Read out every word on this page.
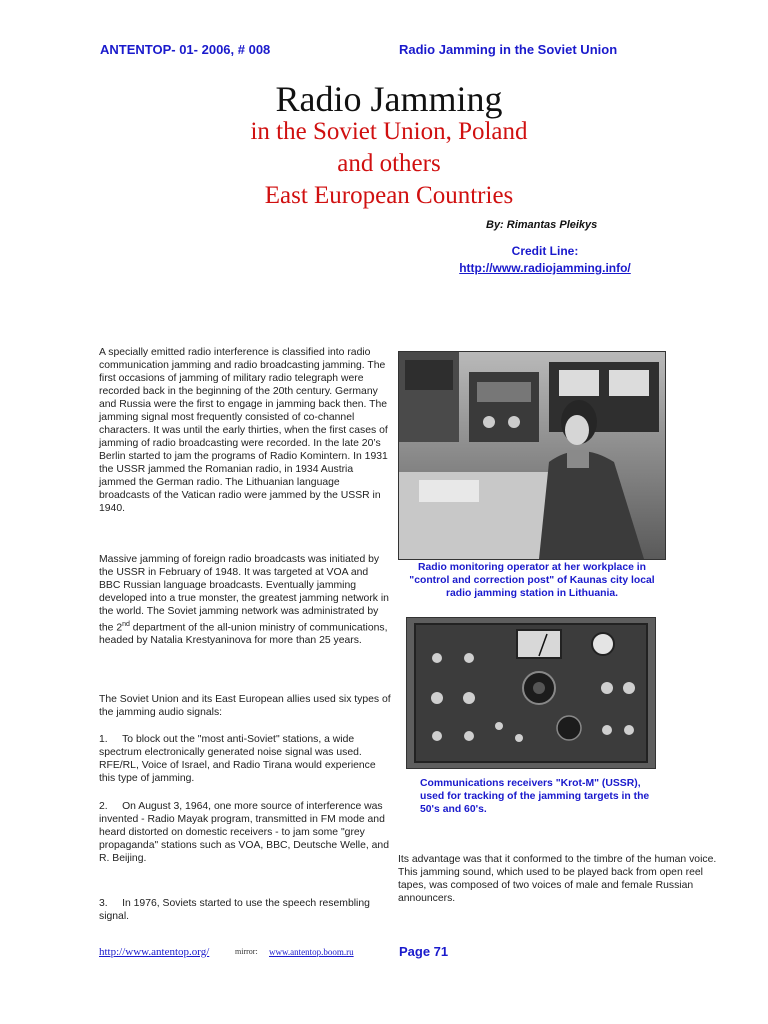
ANTENTOP- 01- 2006, # 008	Radio Jamming in the Soviet Union
Radio Jamming
in the Soviet Union, Poland
and others
East European Countries
By: Rimantas Pleikys
Credit Line:
http://www.radiojamming.info/
A specially emitted radio interference is classified into radio communication jamming and radio broadcasting jamming. The first occasions of jamming of military radio telegraph were recorded back in the beginning of the 20th century. Germany and Russia were the first to engage in jamming back then. The jamming signal most frequently consisted of co-channel characters. It was until the early thirties, when the first cases of jamming of radio broadcasting were recorded. In the late 20’s Berlin started to jam the programs of Radio Komintern. In 1931 the USSR jammed the Romanian radio, in 1934 Austria jammed the German radio. The Lithuanian language broadcasts of the Vatican radio were jammed by the USSR in 1940.
Massive jamming of foreign radio broadcasts was initiated by the USSR in February of 1948. It was targeted at VOA and BBC Russian language broadcasts. Eventually jamming developed into a true monster, the greatest jamming network in the world. The Soviet jamming network was administrated by the 2nd department of the all-union ministry of communications, headed by Natalia Krestyaninova for more than 25 years.
The Soviet Union and its East European allies used six types of the jamming audio signals:
1.     To block out the "most anti-Soviet" stations, a wide spectrum electronically generated noise signal was used. RFE/RL, Voice of Israel, and Radio Tirana would experience this type of jamming.
2.     On August 3, 1964, one more source of interference was invented - Radio Mayak program, transmitted in FM mode and heard distorted on domestic receivers - to jam some "grey propaganda" stations such as VOA, BBC, Deutsche Welle, and R. Beijing.
3.     In 1976, Soviets started to use the speech resembling signal.
Radio monitoring operator at her workplace in "control and correction post" of Kaunas city local radio jamming station in Lithuania.
Communications receivers "Krot-M" (USSR), used for tracking of the jamming targets in the 50's and 60's.
Its advantage was that it conformed to the timbre of the human voice. This jamming sound, which used to be played back from open reel tapes, was composed of two voices of male and female Russian announcers.
http://www.antentop.org/	mirror: www.antentop.boom.ru	Page 71
